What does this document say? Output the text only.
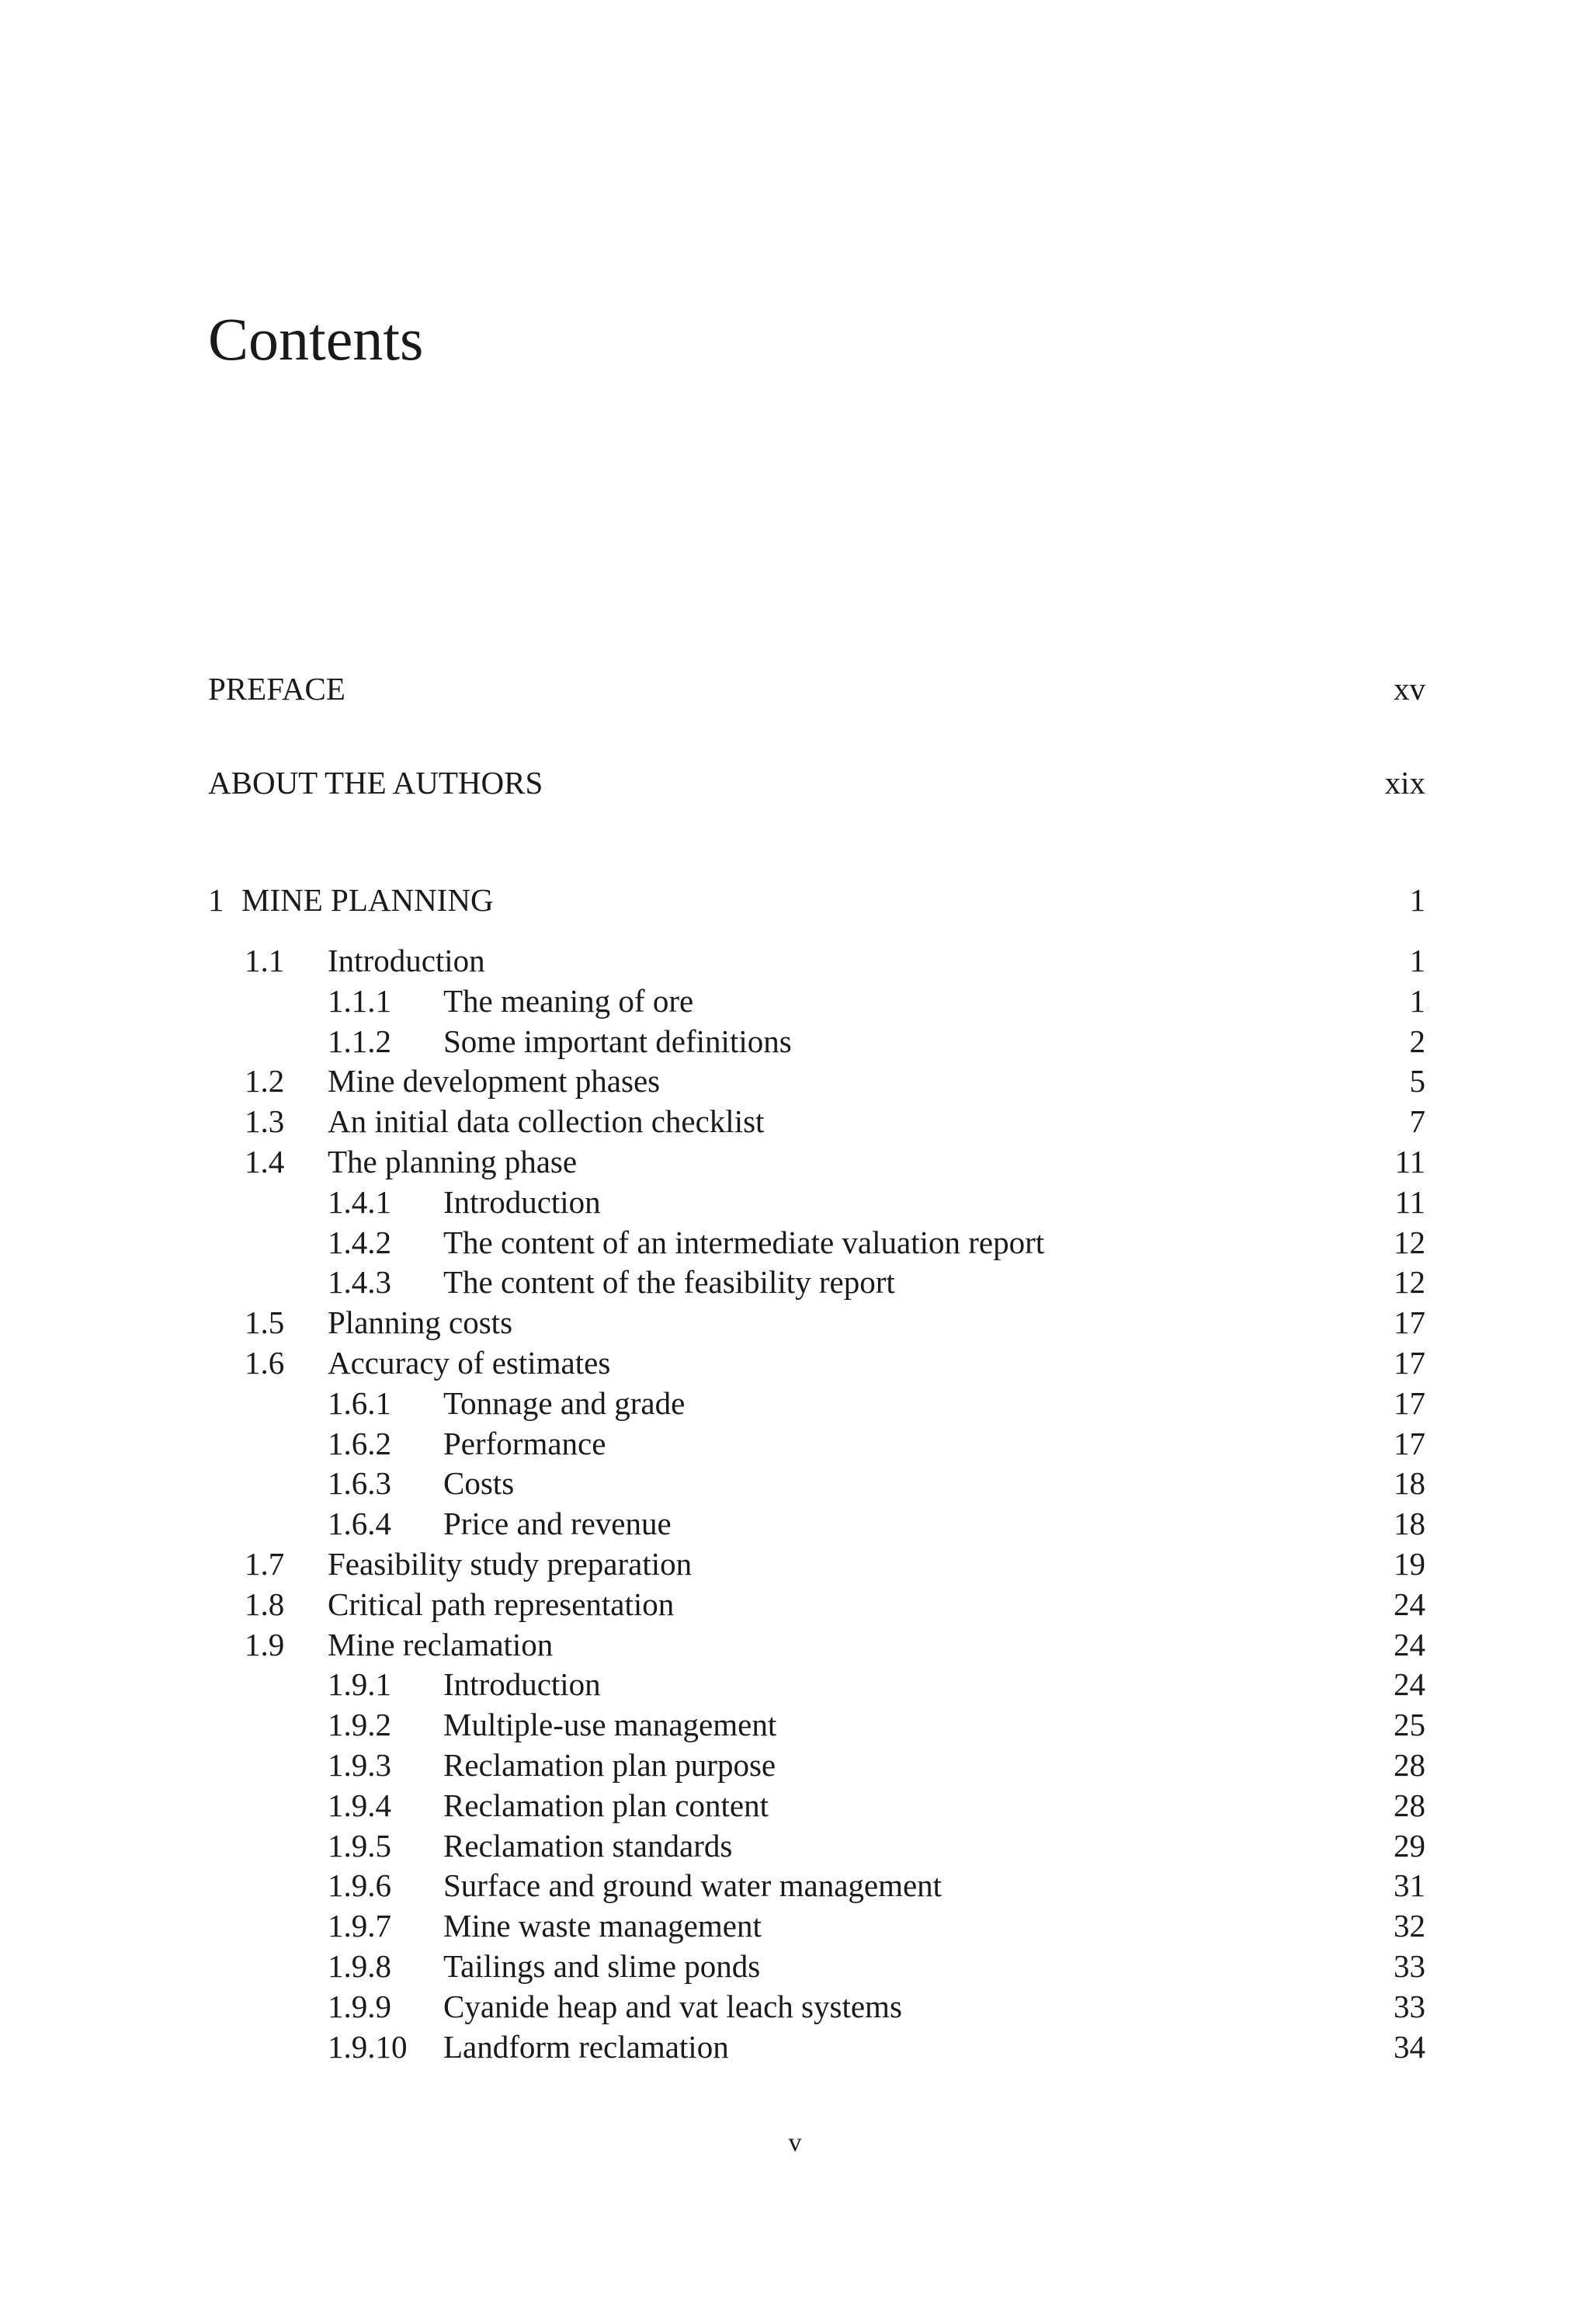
Contents
PREFACE	xv
ABOUT THE AUTHORS	xix
1 MINE PLANNING	1
1.1 Introduction	1
1.1.1 The meaning of ore	1
1.1.2 Some important definitions	2
1.2 Mine development phases	5
1.3 An initial data collection checklist	7
1.4 The planning phase	11
1.4.1 Introduction	11
1.4.2 The content of an intermediate valuation report	12
1.4.3 The content of the feasibility report	12
1.5 Planning costs	17
1.6 Accuracy of estimates	17
1.6.1 Tonnage and grade	17
1.6.2 Performance	17
1.6.3 Costs	18
1.6.4 Price and revenue	18
1.7 Feasibility study preparation	19
1.8 Critical path representation	24
1.9 Mine reclamation	24
1.9.1 Introduction	24
1.9.2 Multiple-use management	25
1.9.3 Reclamation plan purpose	28
1.9.4 Reclamation plan content	28
1.9.5 Reclamation standards	29
1.9.6 Surface and ground water management	31
1.9.7 Mine waste management	32
1.9.8 Tailings and slime ponds	33
1.9.9 Cyanide heap and vat leach systems	33
1.9.10 Landform reclamation	34
v
